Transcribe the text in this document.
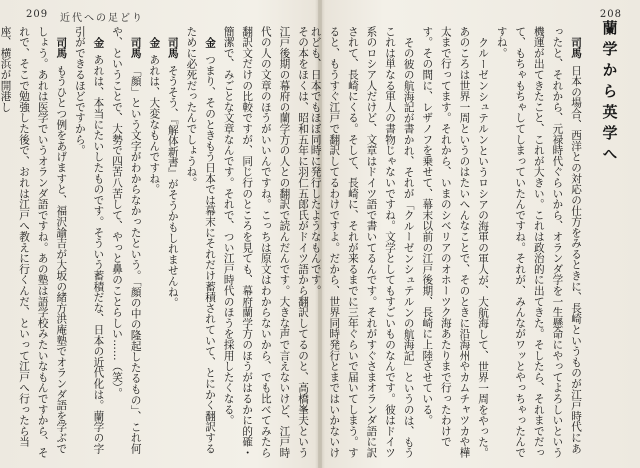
209 近代への足どり

その本をほくは、昭和五年に羽仁五郎氏がドイツ語から翻訳してるのと、高橋峯夫という江戸後期の幕府の蘭学方の人との翻訳で読んだんです。大きな声で言えないけど、江戸時代の人の文章のほうがいいんですね。こっちは原文はわからないから、でも比べてみたら翻訳文だけの比較ですが、同じ行のところを見ても、幕府蘭学方のほうがはるかに的確・簡潔で、みごとな文章なんです。それで、つい江戸時代のほうを採用したくなる。

金つまり、そのときもう日本では幕末にそれだけ蓄積されていて、とにかく翻訳するために必死だったんでしょうね。

司馬そうそう、『解体新書』がそうかもしれませんね。

金あれは、大変なもんですね。

司馬「顔」という文字がわからなかったという。「顔の中の隆起したるもの」、これ何や、ということで、大勢で四苦八苦して、やっと鼻のことらしい……（笑）。

金あれは、本当にたいしたものです。そういう蓄積だな、日本の近代化は。蘭学の字引ができるほどですから。

司馬もうひとつ例をあげますと、福沢諭吉が大坂の緒方洪庵塾でオランダ語を学ぶでしょう。あれは医学でいうオランダ語ですね。あの塾は語学校みたいなもんですから、それで、そこで勉強した後で、おれは江戸へ教えに行くんだ、といって江戸へ行ったら当座、横浜が開港し

208
蘭学から英学へ

司馬日本の場合、西洋との対応の仕方をみるときに、長崎というものが江戸時代にあったと、それから、元禄時代ぐらいから、オランダ学を一生懸命にやってよろしいという機運が出てきたこと、これが大きい。これは政治的に出てきた。そしたら、それまでだって、もちゃもちゃしてしまっていたんですね。それが、みんながワッとやっちゃったんですね。

クルーゼンシュテルンというロシアの海軍の軍人が、大航海して、世界一周をやった。あのころは世界一周というのはたいへんなことで、そのときに沿海州やカムチャツカや樺太まで行ってます。それから、いまのシベリアのオホーツク海あたりまで行ったわけです。その間に、レザノフを乗せて、幕末以前の江戸後期、長崎に上陸させている。

その彼の航海記が書かれ、それが「クルーゼンシュテルンの航海記」というのは、もうこれは単なる軍人の書物じゃないですね。文学としてもすごいものなんです。彼はドイツ系のロシア人だけど、文章はドイツ語で書いてるんです。それがすぐさまオランダ語に訳されて、長崎にくる。そして、長崎に、それが来るまでに三年ぐらいで届いてしまう。すると、もうすぐ江戸で翻訳してるわけですよ。だから、世界同時発行とまではいかないけれども、日本でもほぼ同時に発行したようなもんです。
